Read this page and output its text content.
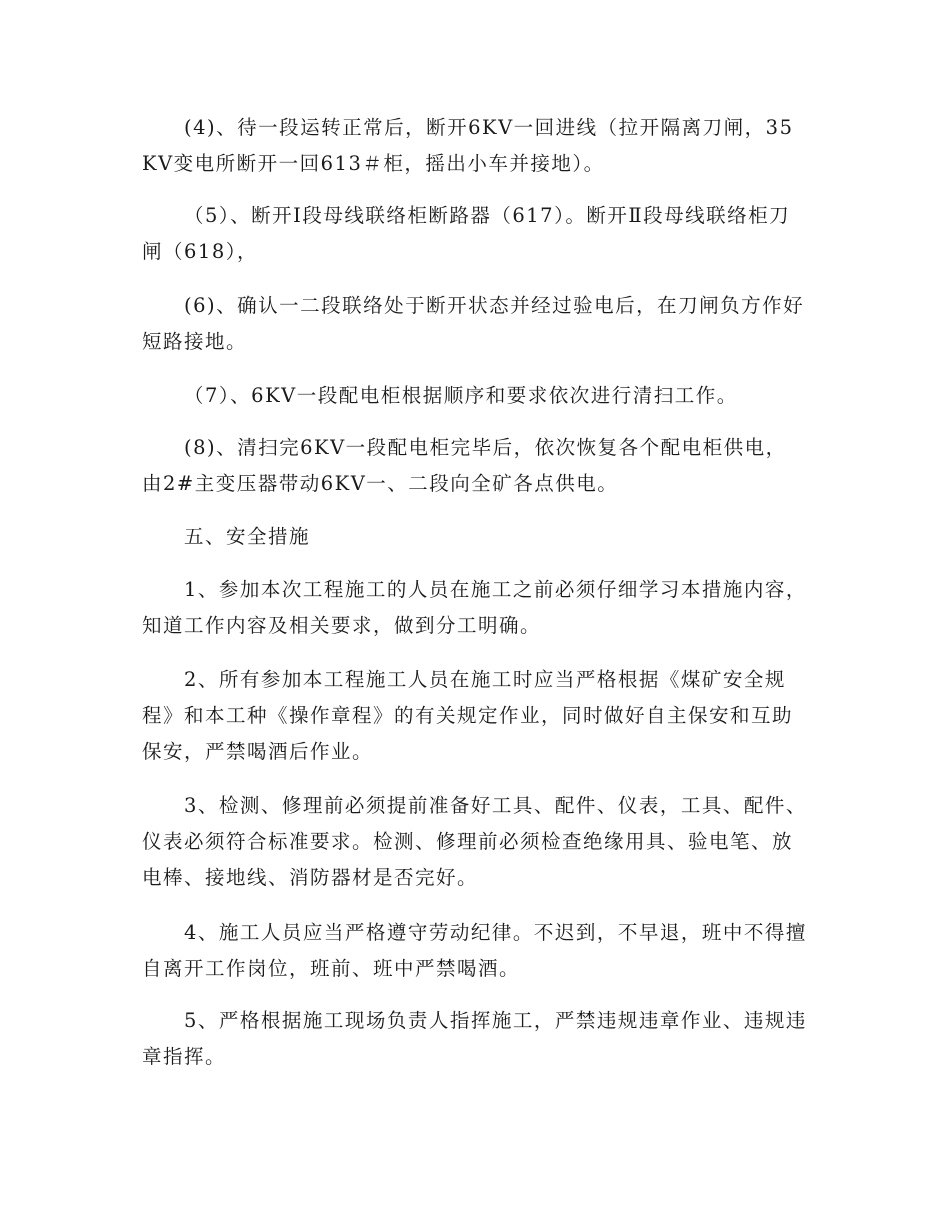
(4)、待一段运转正常后，断开6KV一回进线（拉开隔离刀闸，35KV变电所断开一回613＃柜，摇出小车并接地）。

（5）、断开Ⅰ段母线联络柜断路器（617）。断开Ⅱ段母线联络柜刀闸（618），

(6)、确认一二段联络处于断开状态并经过验电后，在刀闸负方作好短路接地。

（7）、6KV一段配电柜根据顺序和要求依次进行清扫工作。

(8)、清扫完6KV一段配电柜完毕后，依次恢复各个配电柜供电，由2#主变压器带动6KV一、二段向全矿各点供电。

五、安全措施

1、参加本次工程施工的人员在施工之前必须仔细学习本措施内容，知道工作内容及相关要求，做到分工明确。

2、所有参加本工程施工人员在施工时应当严格根据《煤矿安全规程》和本工种《操作章程》的有关规定作业，同时做好自主保安和互助保安，严禁喝酒后作业。

3、检测、修理前必须提前准备好工具、配件、仪表，工具、配件、仪表必须符合标准要求。检测、修理前必须检查绝缘用具、验电笔、放电棒、接地线、消防器材是否完好。

4、施工人员应当严格遵守劳动纪律。不迟到，不早退，班中不得擅自离开工作岗位，班前、班中严禁喝酒。

5、严格根据施工现场负责人指挥施工，严禁违规违章作业、违规违章指挥。
